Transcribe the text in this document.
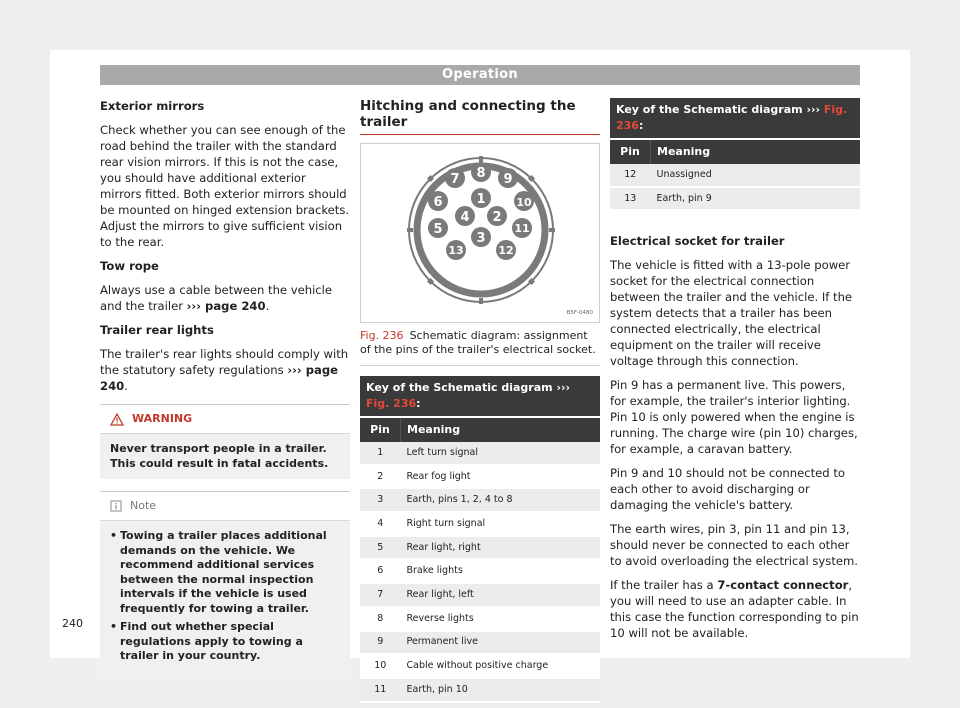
Operation

Exterior mirrors

Check whether you can see enough of the road behind the trailer with the standard rear vision mirrors. If this is not the case, you should have additional exterior mirrors fitted. Both exterior mirrors should be mounted on hinged extension brackets. Adjust the mirrors to give sufficient vision to the rear.

Tow rope

Always use a cable between the vehicle and the trailer ››› page 240.

Trailer rear lights

The trailer's rear lights should comply with the statutory safety regulations ››› page 240.

WARNING
Never transport people in a trailer. This could result in fatal accidents.
Note
• Towing a trailer places additional demands on the vehicle. We recommend additional services between the normal inspection intervals if the vehicle is used frequently for towing a trailer.
• Find out whether special regulations apply to towing a trailer in your country.
Hitching and connecting the trailer
1
2
3
4
5
6
7 8 9
10
11
12
13
B5F-0480
Fig. 236 Schematic diagram: assignment of the pins of the trailer's electrical socket.
Key of the Schematic diagram ››› Fig. 236:	
Pin	Meaning
1	Left turn signal
2	Rear fog light
3	Earth, pins 1, 2, 4 to 8
4	Right turn signal
5	Rear light, right
6	Brake lights
7	Rear light, left
8	Reverse lights
9	Permanent live
10	Cable without positive charge
11	Earth, pin 10
Key of the Schematic diagram ››› Fig. 236:	
Pin	Meaning
12	Unassigned
13	Earth, pin 9

Electrical socket for trailer

The vehicle is fitted with a 13-pole power socket for the electrical connection between the trailer and the vehicle. If the system detects that a trailer has been connected electrically, the electrical equipment on the trailer will receive voltage through this connection.

Pin 9 has a permanent live. This powers, for example, the trailer's interior lighting. Pin 10 is only powered when the engine is running. The charge wire (pin 10) charges, for example, a caravan battery.

Pin 9 and 10 should not be connected to each other to avoid discharging or damaging the vehicle's battery.

The earth wires, pin 3, pin 11 and pin 13, should never be connected to each other to avoid overloading the electrical system.

If the trailer has a 7-contact connector, you will need to use an adapter cable. In this case the function corresponding to pin 10 will not be available.

240
